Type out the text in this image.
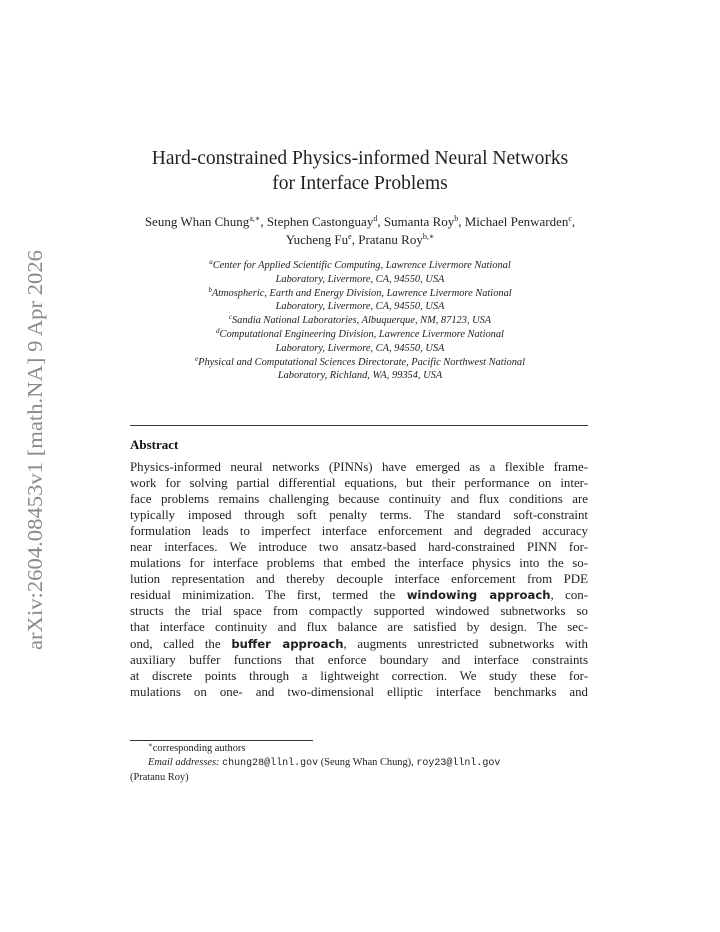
arXiv:2604.08453v1 [math.NA] 9 Apr 2026
Hard-constrained Physics-informed Neural Networks
for Interface Problems
Seung Whan Chung$^{a,∗}$, Stephen Castonguay$^d$, Sumanta Roy$^b$, Michael Penwarden$^c$, Yucheng Fu$^e$, Pratanu Roy$^{b,∗}$
$^a$Center for Applied Scientific Computing, Lawrence Livermore National
Laboratory, Livermore, CA, 94550, USA
$^b$Atmospheric, Earth and Energy Division, Lawrence Livermore National
Laboratory, Livermore, CA, 94550, USA
$^c$Sandia National Laboratories, Albuquerque, NM, 87123, USA
$^d$Computational Engineering Division, Lawrence Livermore National
Laboratory, Livermore, CA, 94550, USA
$^e$Physical and Computational Sciences Directorate, Pacific Northwest National
Laboratory, Richland, WA, 99354, USA
Abstract
Physics-informed neural networks (PINNs) have emerged as a flexible frame-
work for solving partial differential equations, but their performance on inter-
face problems remains challenging because continuity and flux conditions are
typically imposed through soft penalty terms. The standard soft-constraint
formulation leads to imperfect interface enforcement and degraded accuracy
near interfaces. We introduce two ansatz-based hard-constrained PINN for-
mulations for interface problems that embed the interface physics into the so-
lution representation and thereby decouple interface enforcement from PDE
residual minimization. The first, termed the windowing approach, con-
structs the trial space from compactly supported windowed subnetworks so
that interface continuity and flux balance are satisfied by design. The sec-
ond, called the buffer approach, augments unrestricted subnetworks with
auxiliary buffer functions that enforce boundary and interface constraints
at discrete points through a lightweight correction. We study these for-
mulations on one- and two-dimensional elliptic interface benchmarks and
∗corresponding authors
Email addresses: chung28@llnl.gov (Seung Whan Chung), roy23@llnl.gov
(Pratanu Roy)
